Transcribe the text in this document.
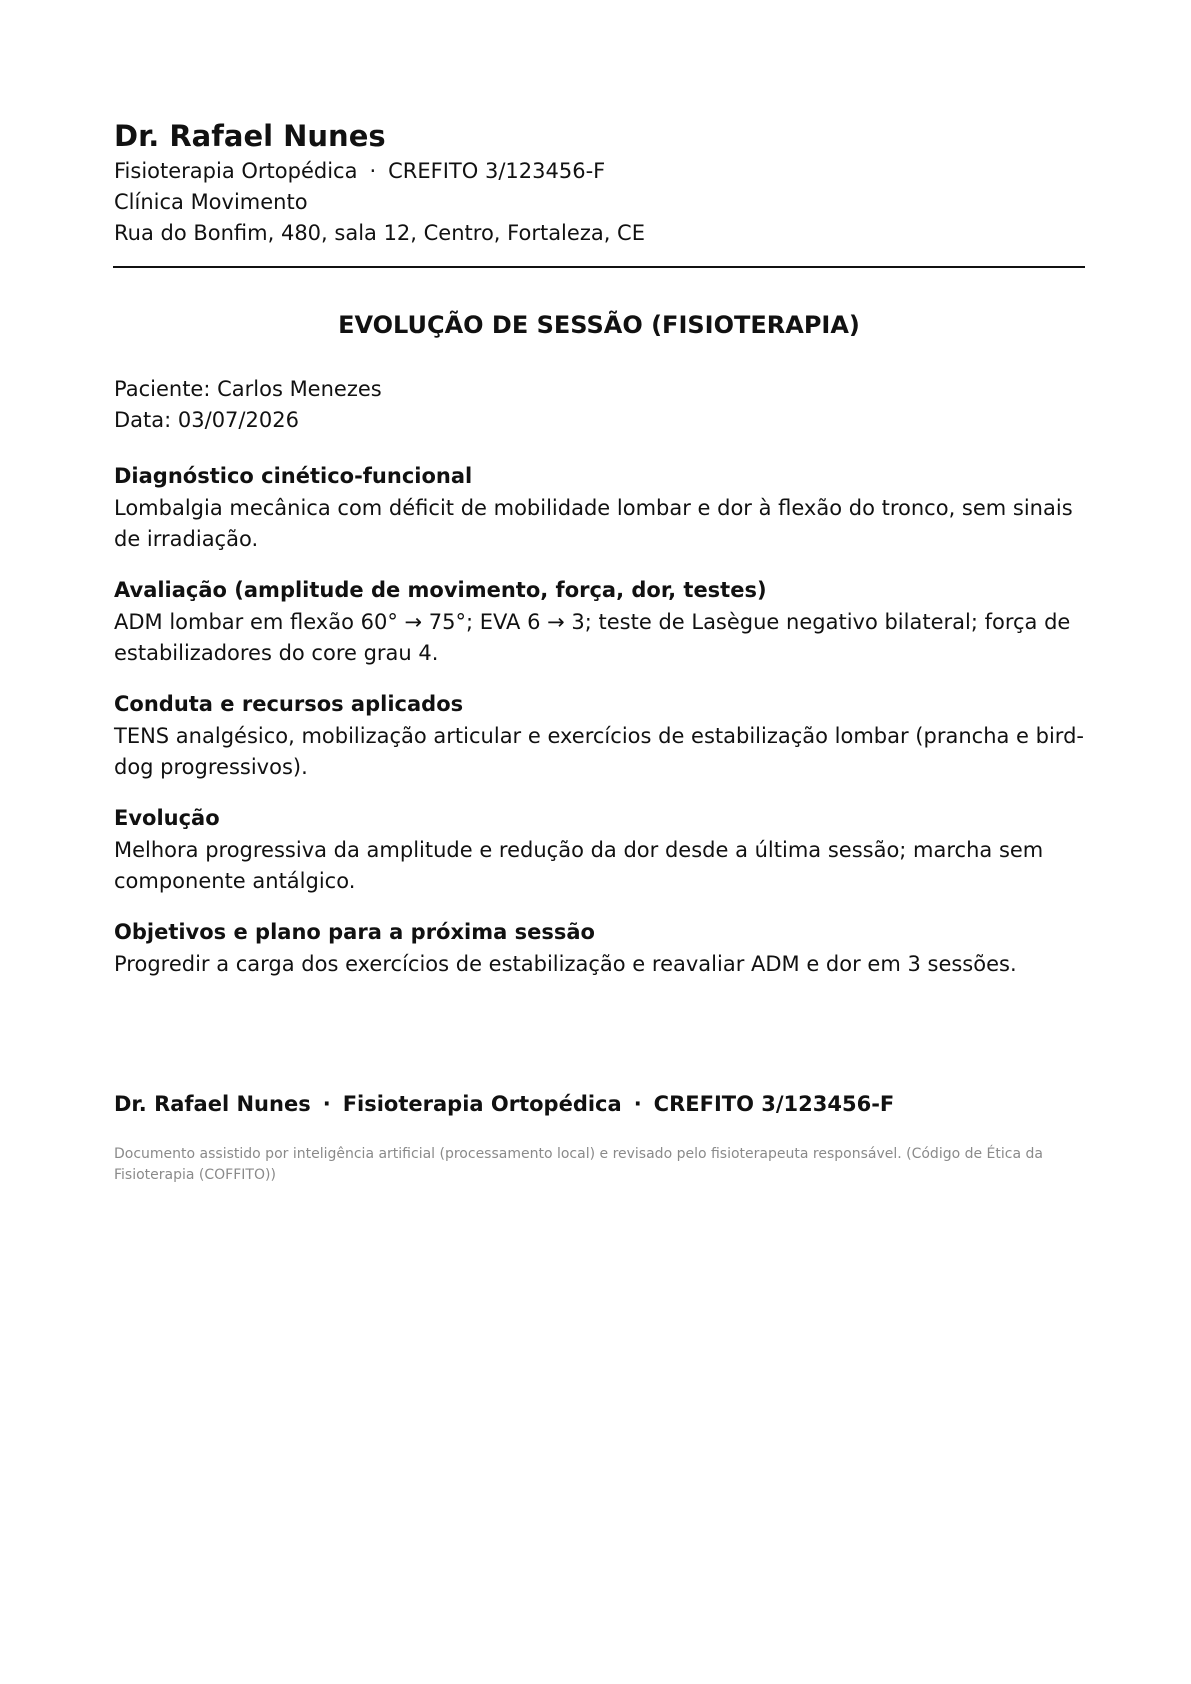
Dr. Rafael Nunes

Fisioterapia Ortopédica · CREFITO 3/123456-F

Clínica Movimento

Rua do Bonfim, 480, sala 12, Centro, Fortaleza, CE

EVOLUÇÃO DE SESSÃO (FISIOTERAPIA)

Paciente: Carlos Menezes

Data: 03/07/2026

Diagnóstico cinético-funcional

Lombalgia mecânica com déficit de mobilidade lombar e dor à flexão do tronco, sem sinais de irradiação.

Avaliação (amplitude de movimento, força, dor, testes)

ADM lombar em flexão 60° → 75°; EVA 6 → 3; teste de Lasègue negativo bilateral; força de estabilizadores do core grau 4.

Conduta e recursos aplicados

TENS analgésico, mobilização articular e exercícios de estabilização lombar (prancha e bird-dog progressivos).

Evolução

Melhora progressiva da amplitude e redução da dor desde a última sessão; marcha sem componente antálgico.

Objetivos e plano para a próxima sessão

Progredir a carga dos exercícios de estabilização e reavaliar ADM e dor em 3 sessões.

Dr. Rafael Nunes · Fisioterapia Ortopédica · CREFITO 3/123456-F

Documento assistido por inteligência artificial (processamento local) e revisado pelo fisioterapeuta responsável. (Código de Ética da Fisioterapia (COFFITO))
